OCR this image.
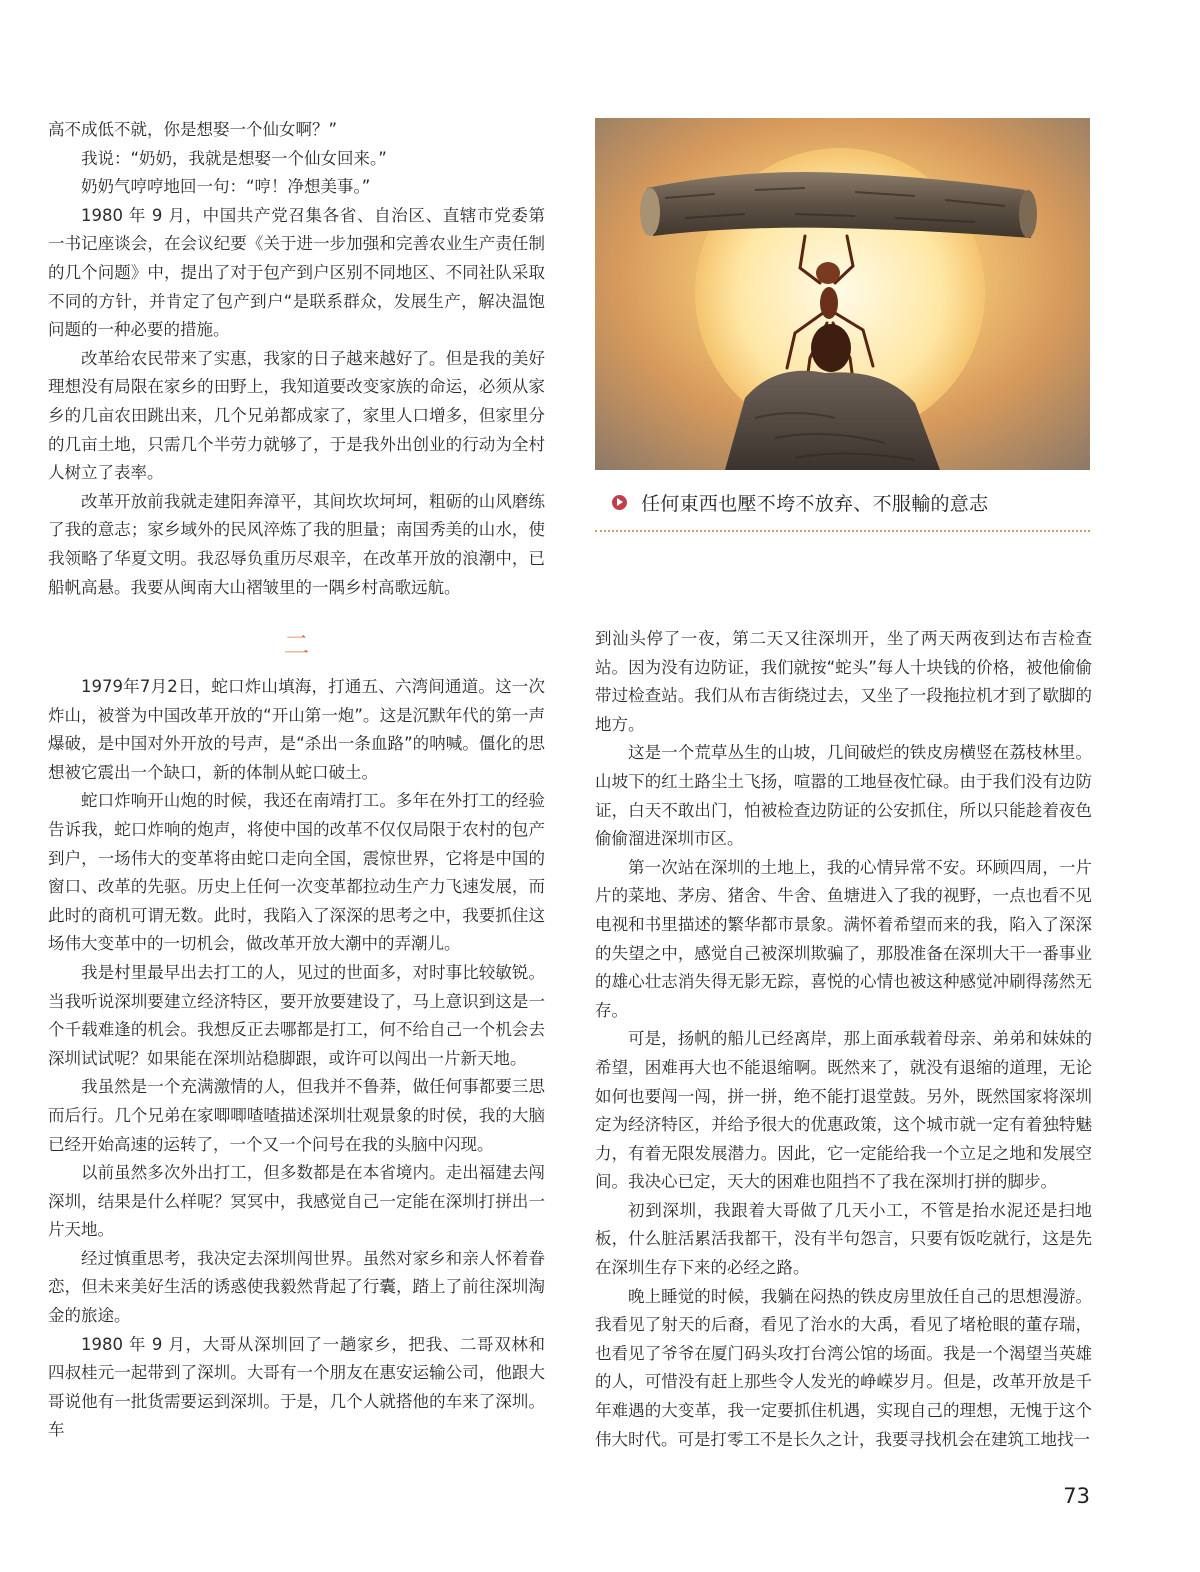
高不成低不就，你是想娶一个仙女啊？”

我说：“奶奶，我就是想娶一个仙女回来。”

奶奶气哼哼地回一句：“哼！净想美事。”

1980 年 9 月，中国共产党召集各省、自治区、直辖市党委第一书记座谈会，在会议纪要《关于进一步加强和完善农业生产责任制的几个问题》中，提出了对于包产到户区别不同地区、不同社队采取不同的方针，并肯定了包产到户“是联系群众，发展生产，解决温饱问题的一种必要的措施。

改革给农民带来了实惠，我家的日子越来越好了。但是我的美好理想没有局限在家乡的田野上，我知道要改变家族的命运，必须从家乡的几亩农田跳出来，几个兄弟都成家了，家里人口增多，但家里分的几亩土地，只需几个半劳力就够了，于是我外出创业的行动为全村人树立了表率。

改革开放前我就走建阳奔漳平，其间坎坎坷坷，粗砺的山风磨练了我的意志；家乡域外的民风淬炼了我的胆量；南国秀美的山水，使我领略了华夏文明。我忍辱负重历尽艰辛，在改革开放的浪潮中，已船帆高悬。我要从闽南大山褶皱里的一隅乡村高歌远航。

二

1979年7月2日，蛇口炸山填海，打通五、六湾间通道。这一次炸山，被誉为中国改革开放的“开山第一炮”。这是沉默年代的第一声爆破，是中国对外开放的号声，是“杀出一条血路”的呐喊。僵化的思想被它震出一个缺口，新的体制从蛇口破土。

蛇口炸响开山炮的时候，我还在南靖打工。多年在外打工的经验告诉我，蛇口炸响的炮声，将使中国的改革不仅仅局限于农村的包产到户，一场伟大的变革将由蛇口走向全国，震惊世界，它将是中国的窗口、改革的先驱。历史上任何一次变革都拉动生产力飞速发展，而此时的商机可谓无数。此时，我陷入了深深的思考之中，我要抓住这场伟大变革中的一切机会，做改革开放大潮中的弄潮儿。

我是村里最早出去打工的人，见过的世面多，对时事比较敏锐。当我听说深圳要建立经济特区，要开放要建设了，马上意识到这是一个千载难逢的机会。我想反正去哪都是打工，何不给自己一个机会去深圳试试呢？如果能在深圳站稳脚跟，或许可以闯出一片新天地。

我虽然是一个充满激情的人，但我并不鲁莽，做任何事都要三思而后行。几个兄弟在家唧唧喳喳描述深圳壮观景象的时侯，我的大脑已经开始高速的运转了，一个又一个问号在我的头脑中闪现。

以前虽然多次外出打工，但多数都是在本省境内。走出福建去闯深圳，结果是什么样呢？冥冥中，我感觉自己一定能在深圳打拼出一片天地。

经过慎重思考，我决定去深圳闯世界。虽然对家乡和亲人怀着眷恋，但未来美好生活的诱惑使我毅然背起了行囊，踏上了前往深圳淘金的旅途。

1980 年 9 月，大哥从深圳回了一趟家乡，把我、二哥双林和四叔桂元一起带到了深圳。大哥有一个朋友在惠安运输公司，他跟大哥说他有一批货需要运到深圳。于是，几个人就搭他的车来了深圳。车

任何東西也壓不垮不放弃、不服輸的意志

到汕头停了一夜，第二天又往深圳开，坐了两天两夜到达布吉检查站。因为没有边防证，我们就按“蛇头”每人十块钱的价格，被他偷偷带过检查站。我们从布吉街绕过去，又坐了一段拖拉机才到了歇脚的地方。

这是一个荒草丛生的山坡，几间破烂的铁皮房横竖在荔枝林里。山坡下的红土路尘土飞扬，喧嚣的工地昼夜忙碌。由于我们没有边防证，白天不敢出门，怕被检查边防证的公安抓住，所以只能趁着夜色偷偷溜进深圳市区。

第一次站在深圳的土地上，我的心情异常不安。环顾四周，一片片的菜地、茅房、猪舍、牛舍、鱼塘进入了我的视野，一点也看不见电视和书里描述的繁华都市景象。满怀着希望而来的我，陷入了深深的失望之中，感觉自己被深圳欺骗了，那股准备在深圳大干一番事业的雄心壮志消失得无影无踪，喜悦的心情也被这种感觉冲刷得荡然无存。

可是，扬帆的船儿已经离岸，那上面承载着母亲、弟弟和妹妹的希望，困难再大也不能退缩啊。既然来了，就没有退缩的道理，无论如何也要闯一闯，拼一拼，绝不能打退堂鼓。另外，既然国家将深圳定为经济特区，并给予很大的优惠政策，这个城市就一定有着独特魅力，有着无限发展潜力。因此，它一定能给我一个立足之地和发展空间。我决心已定，天大的困难也阻挡不了我在深圳打拼的脚步。

初到深圳，我跟着大哥做了几天小工，不管是抬水泥还是扫地板，什么脏活累活我都干，没有半句怨言，只要有饭吃就行，这是先在深圳生存下来的必经之路。

晚上睡觉的时候，我躺在闷热的铁皮房里放任自己的思想漫游。我看见了射天的后裔，看见了治水的大禹，看见了堵枪眼的董存瑞，也看见了爷爷在厦门码头攻打台湾公馆的场面。我是一个渴望当英雄的人，可惜没有赶上那些令人发光的峥嵘岁月。但是，改革开放是千年难遇的大变革，我一定要抓住机遇，实现自己的理想，无愧于这个伟大时代。可是打零工不是长久之计，我要寻找机会在建筑工地找一

73
